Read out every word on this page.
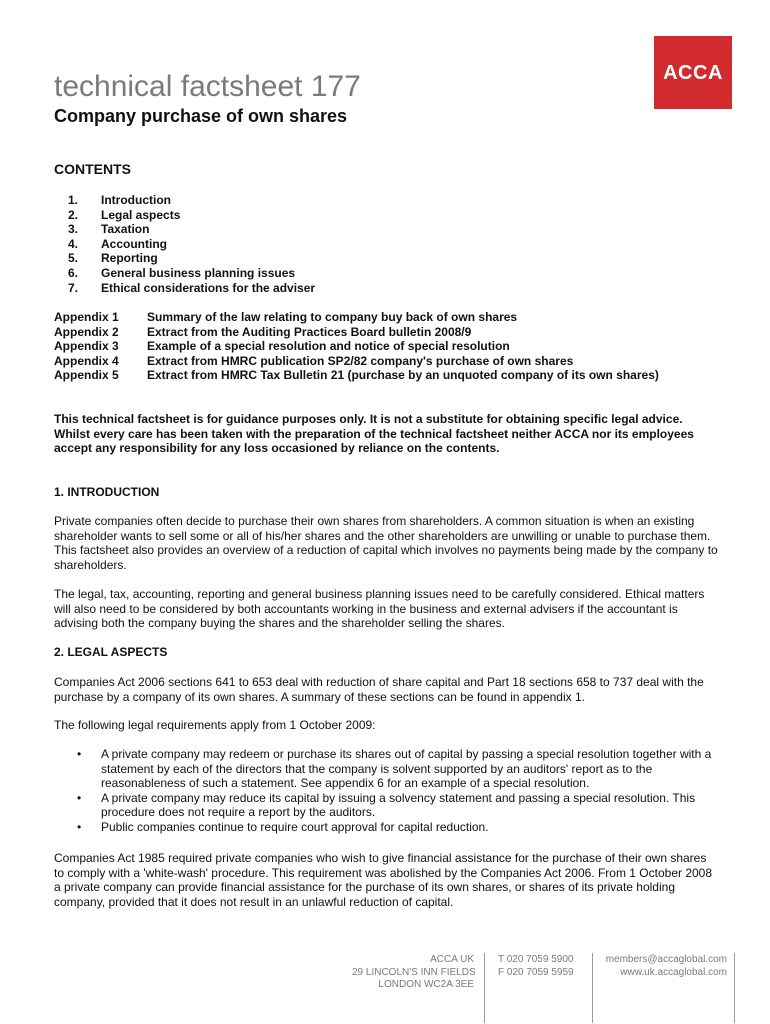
ACCA
technical factsheet 177
Company purchase of own shares
CONTENTS
1. Introduction
2. Legal aspects
3. Taxation
4. Accounting
5. Reporting
6. General business planning issues
7. Ethical considerations for the adviser
Appendix 1	Summary of the law relating to company buy back of own shares
Appendix 2	Extract from the Auditing Practices Board bulletin 2008/9
Appendix 3	Example of a special resolution and notice of special resolution
Appendix 4	Extract from HMRC publication SP2/82 company's purchase of own shares
Appendix 5	Extract from HMRC Tax Bulletin 21 (purchase by an unquoted company of its own shares)

This technical factsheet is for guidance purposes only. It is not a substitute for obtaining specific legal advice. Whilst every care has been taken with the preparation of the technical factsheet neither ACCA nor its employees accept any responsibility for any loss occasioned by reliance on the contents.

1. INTRODUCTION

Private companies often decide to purchase their own shares from shareholders. A common situation is when an existing shareholder wants to sell some or all of his/her shares and the other shareholders are unwilling or unable to purchase them. This factsheet also provides an overview of a reduction of capital which involves no payments being made by the company to shareholders.

The legal, tax, accounting, reporting and general business planning issues need to be carefully considered. Ethical matters will also need to be considered by both accountants working in the business and external advisers if the accountant is advising both the company buying the shares and the shareholder selling the shares.

2. LEGAL ASPECTS

Companies Act 2006 sections 641 to 653 deal with reduction of share capital and Part 18 sections 658 to 737 deal with the purchase by a company of its own shares. A summary of these sections can be found in appendix 1.

The following legal requirements apply from 1 October 2009:

•	A private company may redeem or purchase its shares out of capital by passing a special resolution together with a statement by each of the directors that the company is solvent supported by an auditors' report as to the reasonableness of such a statement. See appendix 6 for an example of a special resolution.
•	A private company may reduce its capital by issuing a solvency statement and passing a special resolution. This procedure does not require a report by the auditors.
•	Public companies continue to require court approval for capital reduction.

Companies Act 1985 required private companies who wish to give financial assistance for the purchase of their own shares to comply with a 'white-wash' procedure. This requirement was abolished by the Companies Act 2006. From 1 October 2008 a private company can provide financial assistance for the purchase of its own shares, or shares of its private holding company, provided that it does not result in an unlawful reduction of capital.

ACCA UK
29 LINCOLN'S INN FIELDS
LONDON WC2A 3EE
T 020 7059 5900
F 020 7059 5959
members@accaglobal.com
www.uk.accaglobal.com
